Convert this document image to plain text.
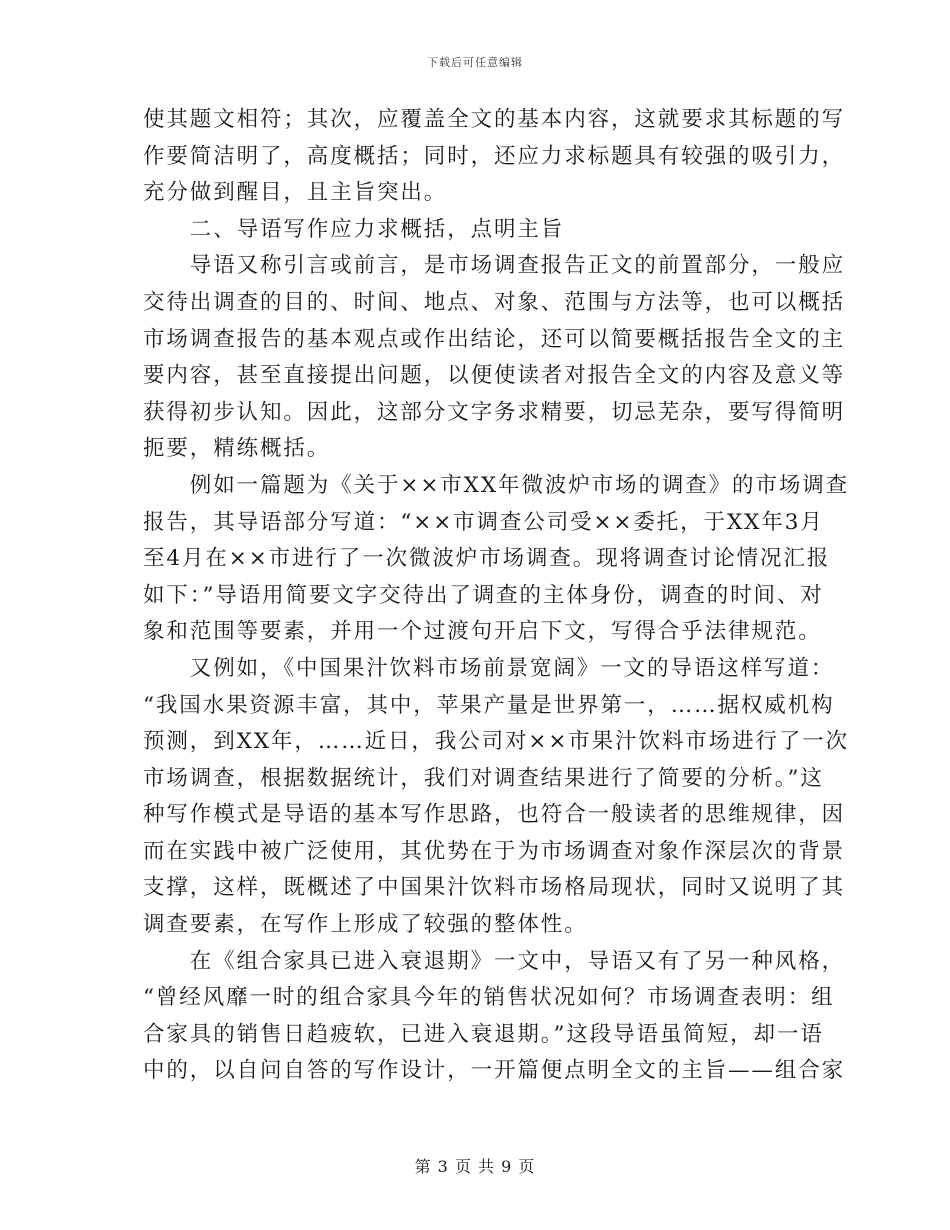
下载后可任意编辑
使其题文相符；其次，应覆盖全文的基本内容，这就要求其标题的写
作要简洁明了，高度概括；同时，还应力求标题具有较强的吸引力，
充分做到醒目，且主旨突出。
　　二、导语写作应力求概括，点明主旨
　　导语又称引言或前言，是市场调查报告正文的前置部分，一般应
交待出调查的目的、时间、地点、对象、范围与方法等，也可以概括
市场调查报告的基本观点或作出结论，还可以简要概括报告全文的主
要内容，甚至直接提出问题，以便使读者对报告全文的内容及意义等
获得初步认知。因此，这部分文字务求精要，切忌芜杂，要写得简明
扼要，精练概括。
　　例如一篇题为《关于××市XX年微波炉市场的调查》的市场调查
报告，其导语部分写道：“××市调查公司受××委托，于XX年3月
至4月在××市进行了一次微波炉市场调查。现将调查讨论情况汇报
如下：”导语用简要文字交待出了调查的主体身份，调查的时间、对
象和范围等要素，并用一个过渡句开启下文，写得合乎法律规范。
　　又例如，《中国果汁饮料市场前景宽阔》一文的导语这样写道：
“我国水果资源丰富，其中，苹果产量是世界第一，……据权威机构
预测，到XX年，……近日，我公司对××市果汁饮料市场进行了一次
市场调查，根据数据统计，我们对调查结果进行了简要的分析。”这
种写作模式是导语的基本写作思路，也符合一般读者的思维规律，因
而在实践中被广泛使用，其优势在于为市场调查对象作深层次的背景
支撑，这样，既概述了中国果汁饮料市场格局现状，同时又说明了其
调查要素，在写作上形成了较强的整体性。
　　在《组合家具已进入衰退期》一文中，导语又有了另一种风格，
“曾经风靡一时的组合家具今年的销售状况如何？市场调查表明：组
合家具的销售日趋疲软，已进入衰退期。”这段导语虽简短，却一语
中的，以自问自答的写作设计，一开篇便点明全文的主旨——组合家
第 3 页 共 9 页
